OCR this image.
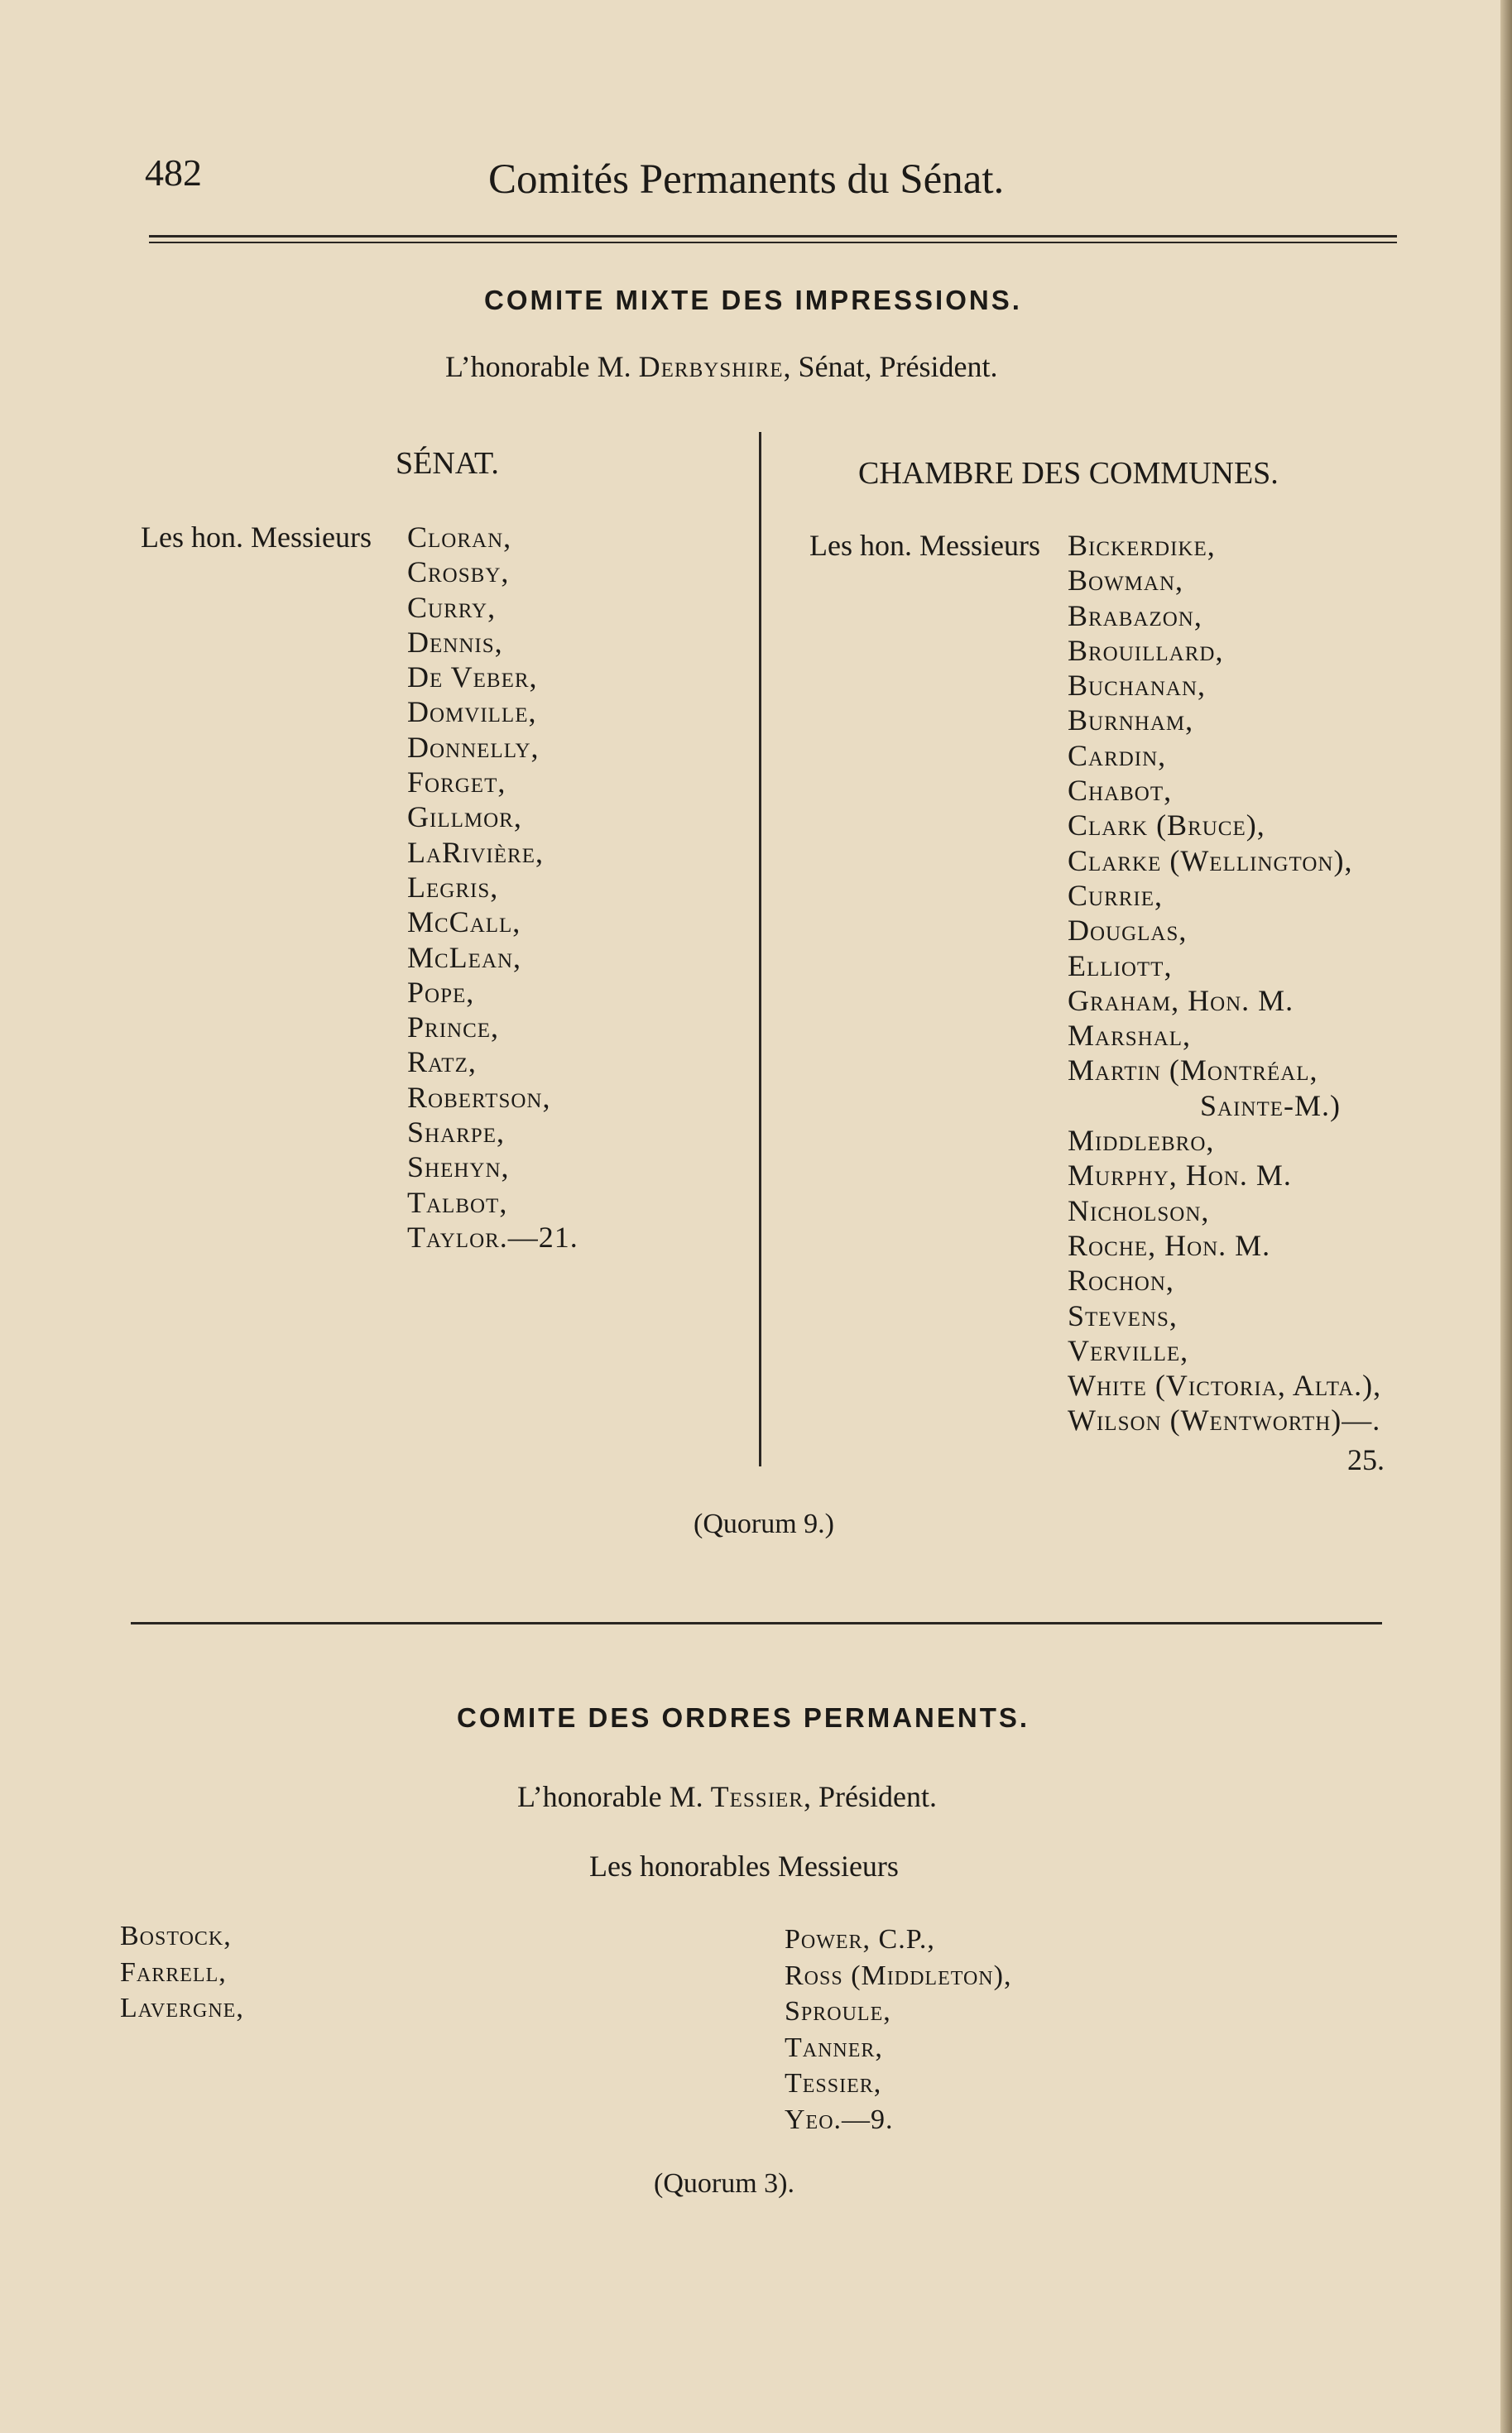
482	Comités Permanents du Sénat.
COMITE MIXTE DES IMPRESSIONS.
L’honorable M. Derbyshire, Sénat, Président.
SÉNAT.	CHAMBRE DES COMMUNES.
Les hon. Messieurs Cloran,
Crosby,
Curry,
Dennis,
De Veber,
Domville,
Donnelly,
Forget,
Gillmor,
LaRivière,
Legris,
McCall,
McLean,
Pope,
Prince,
Ratz,
Robertson,
Sharpe,
Shehyn,
Talbot,
Taylor.—21.
Les hon. Messieurs Bickerdike,
Bowman,
Brabazon,
Brouillard,
Buchanan,
Burnham,
Cardin,
Chabot,
Clark (Bruce),
Clarke (Wellington),
Currie,
Douglas,
Elliott,
Graham, Hon. M.
Marshal,
Martin (Montréal,
Sainte-M.)
Middlebro,
Murphy, Hon. M.
Nicholson,
Roche, Hon. M.
Rochon,
Stevens,
Verville,
White (Victoria, Alta.),
Wilson (Wentworth)—.
25.
(Quorum 9.)
COMITE DES ORDRES PERMANENTS.
L’honorable M. Tessier, Président.
Les honorables Messieurs
Bostock,
Farrell,
Lavergne,
Power, C.P.,
Ross (Middleton),
Sproule,
Tanner,
Tessier,
Yeo.—9.
(Quorum 3).
